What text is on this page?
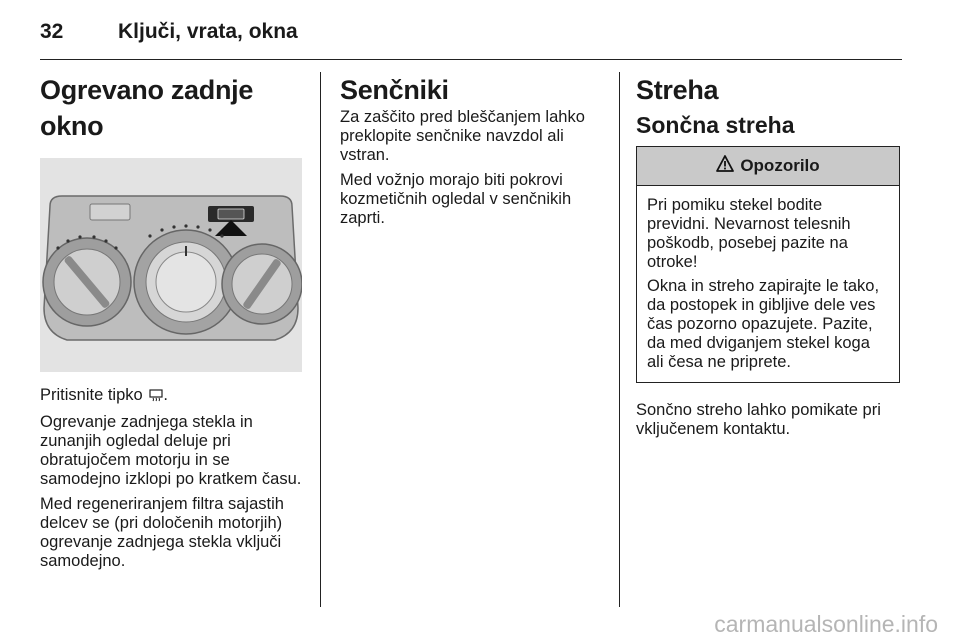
32	Ključi, vrata, okna
Ogrevano zadnje okno

Pritisnite tipko .

Ogrevanje zadnjega stekla in zunanjih ogledal deluje pri obratujočem motorju in se samodejno izklopi po kratkem času.

Med regeneriranjem filtra sajastih delcev se (pri določenih motorjih) ogrevanje zadnjega stekla vključi samodejno.

Senčniki

Za zaščito pred bleščanjem lahko preklopite senčnike navzdol ali vstran.

Med vožnjo morajo biti pokrovi kozmetičnih ogledal v senčnikih zaprti.

Streha
Sončna streha
Opozorilo

Pri pomiku stekel bodite previdni. Nevarnost telesnih poškodb, posebej pazite na otroke!

Okna in streho zapirajte le tako, da postopek in gibljive dele ves čas pozorno opazujete. Pazite, da med dviganjem stekel koga ali česa ne priprete.

Sončno streho lahko pomikate pri vključenem kontaktu.

carmanualsonline.info
